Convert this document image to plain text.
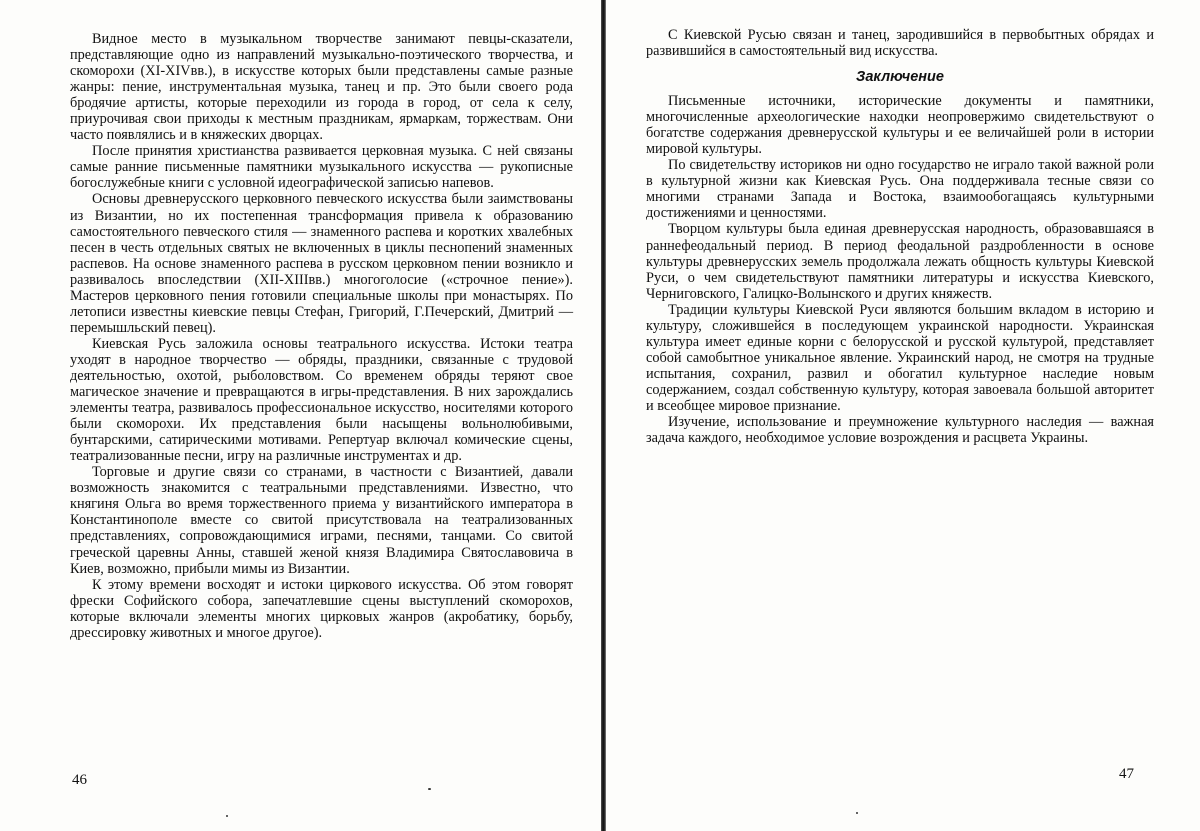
Видное место в музыкальном творчестве занимают певцы-сказатели, представляющие одно из направлений музыкально-поэтического творчества, и скоморохи (XI-XIVвв.), в искусстве которых были представлены самые разные жанры: пение, инструментальная музыка, танец и пр. Это были своего рода бродячие артисты, которые переходили из города в город, от села к селу, приурочивая свои приходы к местным праздникам, ярмаркам, торжествам. Они часто появлялись и в княжеских дворцах.

После принятия христианства развивается церковная музыка. С ней связаны самые ранние письменные памятники музыкального искусства — рукописные богослужебные книги с условной идеографической записью напевов.

Основы древнерусского церковного певческого искусства были заимствованы из Византии, но их постепенная трансформация привела к образованию самостоятельного певческого стиля — знаменного распева и коротких хвалебных песен в честь отдельных святых не включенных в циклы песнопений знаменных распевов. На основе знаменного распева в русском церковном пении возникло и развивалось впоследствии (XII-XIIIвв.) многоголосие («строчное пение»). Мастеров церковного пения готовили специальные школы при монастырях. По летописи известны киевские певцы Стефан, Григорий, Г.Печерский, Дмитрий — перемышльский певец).

Киевская Русь заложила основы театрального искусства. Истоки театра уходят в народное творчество — обряды, праздники, связанные с трудовой деятельностью, охотой, рыболовством. Со временем обряды теряют свое магическое значение и превращаются в игры-представления. В них зарождались элементы театра, развивалось профессиональное искусство, носителями которого были скоморохи. Их представления были насыщены вольнолюбивыми, бунтарскими, сатирическими мотивами. Репертуар включал комические сцены, театрализованные песни, игру на различные инструментах и др.

Торговые и другие связи со странами, в частности с Византией, давали возможность знакомится с театральными представлениями. Известно, что княгиня Ольга во время торжественного приема у византийского императора в Константинополе вместе со свитой присутствовала на театрализованных представлениях, сопровождающимися играми, песнями, танцами. Со свитой греческой царевны Анны, ставшей женой князя Владимира Святославовича в Киев, возможно, прибыли мимы из Византии.

К этому времени восходят и истоки циркового искусства. Об этом говорят фрески Софийского собора, запечатлевшие сцены выступлений скоморохов, которые включали элементы многих цирковых жанров (акробатику, борьбу, дрессировку животных и многое другое).

46

С Киевской Русью связан и танец, зародившийся в первобытных обрядах и развившийся в самостоятельный вид искусства.

Заключение

Письменные источники, исторические документы и памятники, многочисленные археологические находки неопровержимо свидетельствуют о богатстве содержания древнерусской культуры и ее величайшей роли в истории мировой культуры.

По свидетельству историков ни одно государство не играло такой важной роли в культурной жизни как Киевская Русь. Она поддерживала тесные связи со многими странами Запада и Востока, взаимообогащаясь культурными достижениями и ценностями.

Творцом культуры была единая древнерусская народность, образовавшаяся в раннефеодальный период. В период феодальной раздробленности в основе культуры древнерусских земель продолжала лежать общность культуры Киевской Руси, о чем свидетельствуют памятники литературы и искусства Киевского, Черниговского, Галицко-Волынского и других княжеств.

Традиции культуры Киевской Руси являются большим вкладом в историю и культуру, сложившейся в последующем украинской народности. Украинская культура имеет единые корни с белорусской и русской культурой, представляет собой самобытное уникальное явление. Украинский народ, не смотря на трудные испытания, сохранил, развил и обогатил культурное наследие новым содержанием, создал собственную культуру, которая завоевала большой авторитет и всеобщее мировое признание.

Изучение, использование и преумножение культурного наследия — важная задача каждого, необходимое условие возрождения и расцвета Украины.

47
